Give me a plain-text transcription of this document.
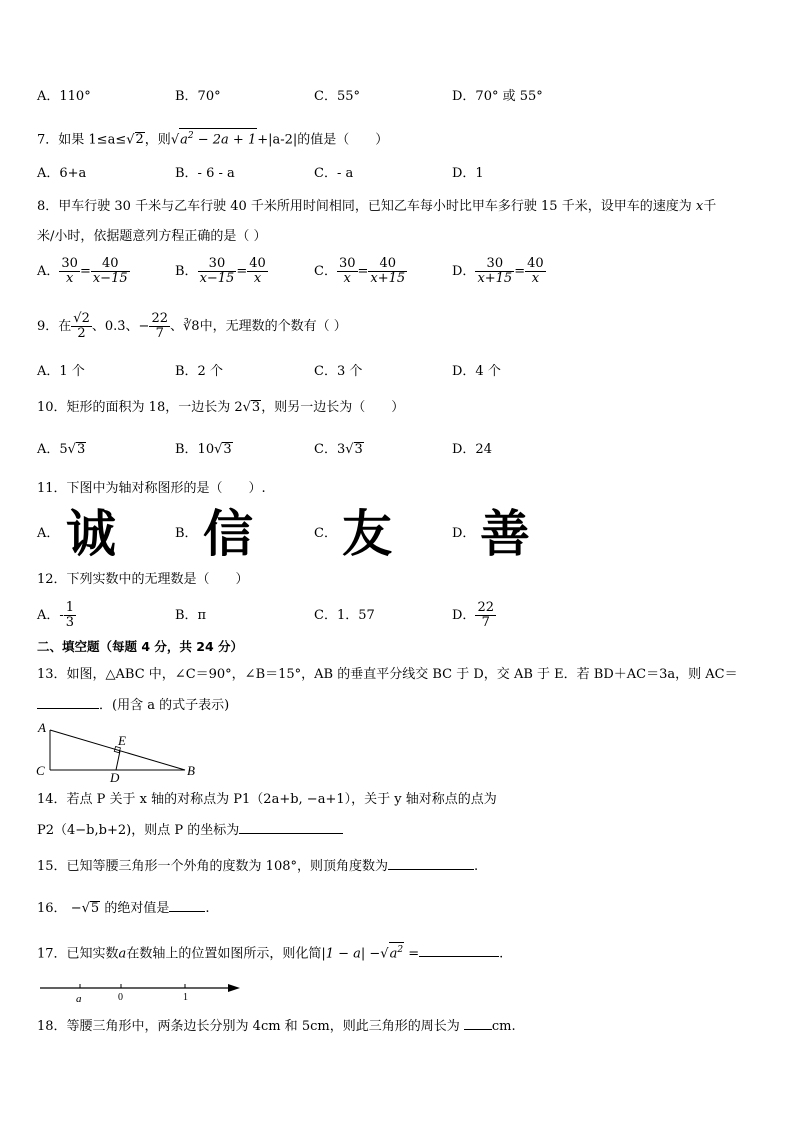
A．110°	B．70°	C．55°	D．70° 或 55°
7．如果 1≤a≤√2，则$√a^2 - 2a + 1+|a-2|$的值是（　　）
A．6+a	B．- 6 - a	C．- a	D．1
8．甲车行驶 30 千米与乙车行驶 40 千米所用时间相同，已知乙车每小时比甲车多行驶 15 千米，设甲车的速度为 x千
米/小时，依据题意列方程正确的是（ ）
A． $\frac{30}{x} = \frac{40}{x-15}$	B． $\frac{30}{x-15} = \frac{40}{x}$	C． $\frac{30}{x} = \frac{40}{x+15}$	D． $\frac{30}{x+15} = \frac{40}{x}$
9．在 $\frac{√2}{2}$ 、0.3̇、− $\frac{22}{7}$ 、∛8中，无理数的个数有（ ）
A．1 个	B．2 个	C．3 个	D．4 个
10．矩形的面积为 18，一边长为 2√3，则另一边长为（　　）
A．5√3	B．10√3	C．3√3	D．24
11．下图中为轴对称图形的是（　　）.
A． 诚	B． 信	C． 友	D． 善
12．下列实数中的无理数是（　　）
A．- $\frac{1}{3}$	B．π	C．1．57	D． $\frac{22}{7}$
二、填空题（每题 4 分，共 24 分）
13．如图，△ABC 中，∠C＝90°，∠B＝15°，AB 的垂直平分线交 BC 于 D，交 AB 于 E．若 BD＋AC＝3a，则 AC＝
．(用含 a 的式子表示)
A
C
E
D	B
14．若点 P 关于 x 轴的对称点为 P1（2a+b, −a+1），关于 y 轴对称点的点为
P2（4−b,b+2)，则点 P 的坐标为
15．已知等腰三角形一个外角的度数为 108°，则顶角度数为	.
16． −√5 的绝对值是	.
17．已知实数a在数轴上的位置如图所示，则化简$|1 - a| -√a^2$ =	.
a	0	1
18．等腰三角形中，两条边长分别为 4cm 和 5cm，则此三角形的周长为 cm.
